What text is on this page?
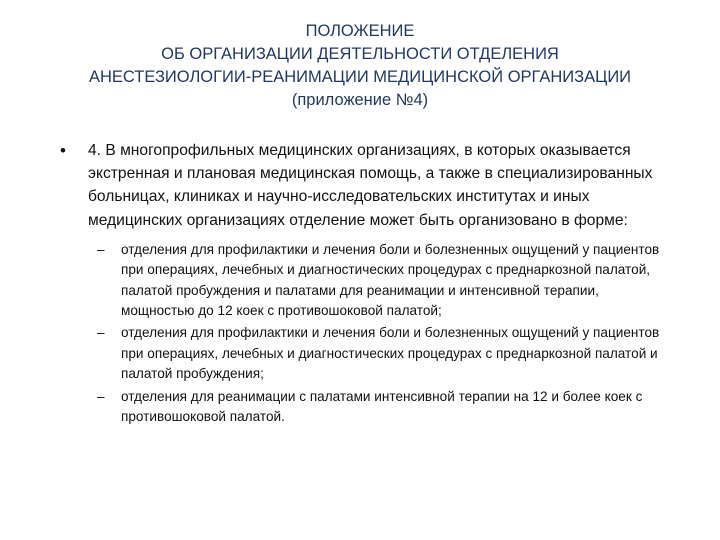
ПОЛОЖЕНИЕ
ОБ ОРГАНИЗАЦИИ ДЕЯТЕЛЬНОСТИ ОТДЕЛЕНИЯ
АНЕСТЕЗИОЛОГИИ-РЕАНИМАЦИИ МЕДИЦИНСКОЙ ОРГАНИЗАЦИИ
(приложение №4)
• 4. В многопрофильных медицинских организациях, в которых оказывается экстренная и плановая медицинская помощь, а также в специализированных больницах, клиниках и научно-исследовательских институтах и иных медицинских организациях отделение может быть организовано в форме:
– отделения для профилактики и лечения боли и болезненных ощущений у пациентов при операциях, лечебных и диагностических процедурах с преднаркозной палатой, палатой пробуждения и палатами для реанимации и интенсивной терапии, мощностью до 12 коек с противошоковой палатой;
– отделения для профилактики и лечения боли и болезненных ощущений у пациентов при операциях, лечебных и диагностических процедурах с преднаркозной палатой и палатой пробуждения;
– отделения для реанимации с палатами интенсивной терапии на 12 и более коек с противошоковой палатой.
